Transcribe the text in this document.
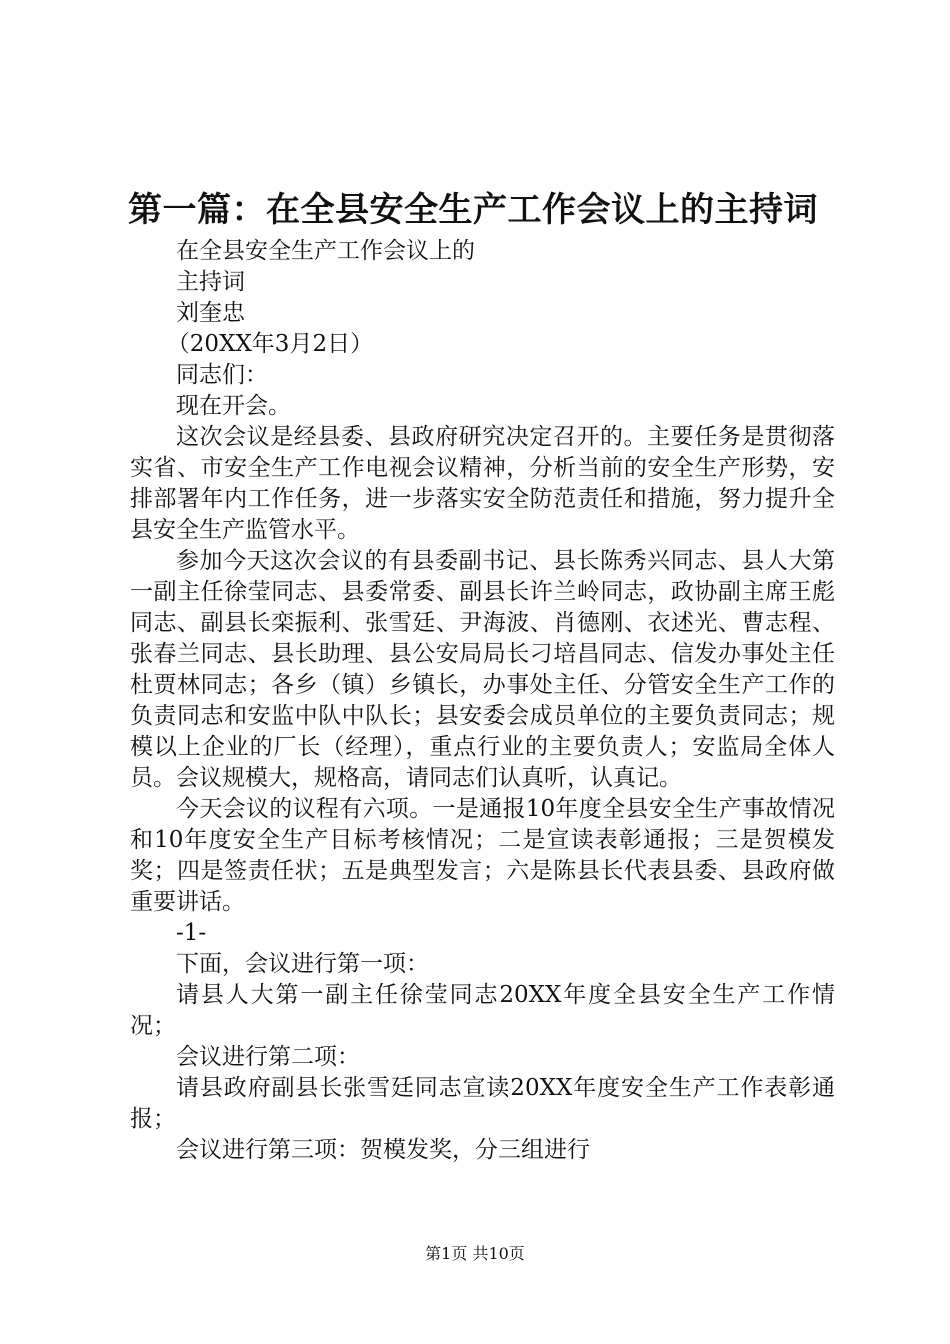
第一篇：在全县安全生产工作会议上的主持词

在全县安全生产工作会议上的

主持词

刘奎忠

（20XX年3月2日）

同志们：

现在开会。

这次会议是经县委、县政府研究决定召开的。主要任务是贯彻落实省、市安全生产工作电视会议精神，分析当前的安全生产形势，安排部署年内工作任务，进一步落实安全防范责任和措施，努力提升全县安全生产监管水平。

参加今天这次会议的有县委副书记、县长陈秀兴同志、县人大第一副主任徐莹同志、县委常委、副县长许兰岭同志，政协副主席王彪同志、副县长栾振利、张雪廷、尹海波、肖德刚、衣述光、曹志程、张春兰同志、县长助理、县公安局局长刁培昌同志、信发办事处主任杜贾林同志；各乡（镇）乡镇长，办事处主任、分管安全生产工作的负责同志和安监中队中队长；县安委会成员单位的主要负责同志；规模以上企业的厂长（经理），重点行业的主要负责人；安监局全体人员。会议规模大，规格高，请同志们认真听，认真记。

今天会议的议程有六项。一是通报10年度全县安全生产事故情况和10年度安全生产目标考核情况；二是宣读表彰通报；三是贺模发奖；四是签责任状；五是典型发言；六是陈县长代表县委、县政府做重要讲话。

-1-

下面，会议进行第一项：

请县人大第一副主任徐莹同志20XX年度全县安全生产工作情况；

会议进行第二项：

请县政府副县长张雪廷同志宣读20XX年度安全生产工作表彰通报；

会议进行第三项：贺模发奖，分三组进行

第1页 共10页
